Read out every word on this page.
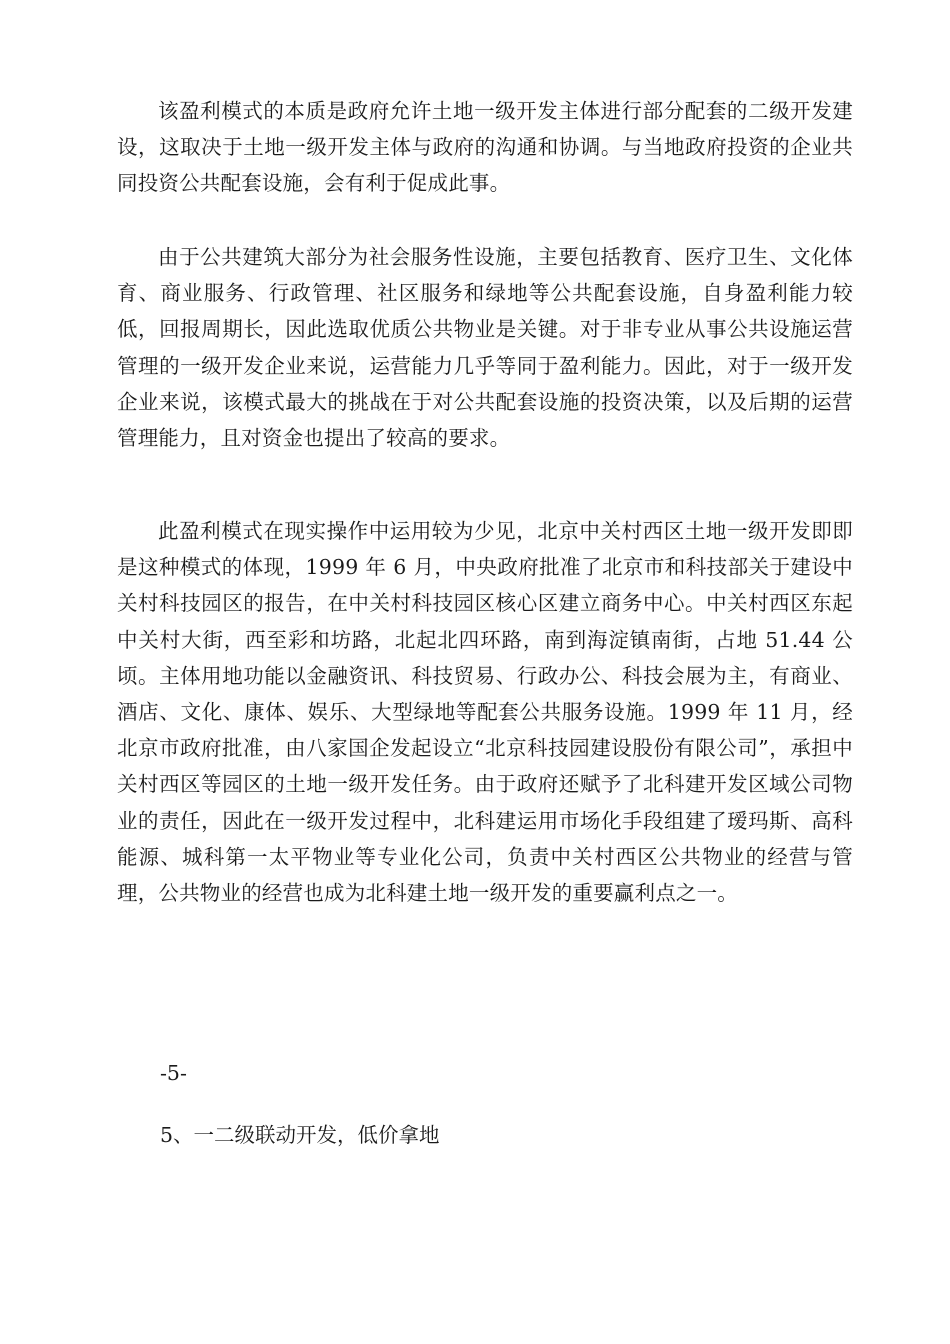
该盈利模式的本质是政府允许土地一级开发主体进行部分配套的二级开发建设，这取决于土地一级开发主体与政府的沟通和协调。与当地政府投资的企业共同投资公共配套设施，会有利于促成此事。

由于公共建筑大部分为社会服务性设施，主要包括教育、医疗卫生、文化体育、商业服务、行政管理、社区服务和绿地等公共配套设施，自身盈利能力较低，回报周期长，因此选取优质公共物业是关键。对于非专业从事公共设施运营管理的一级开发企业来说，运营能力几乎等同于盈利能力。因此，对于一级开发企业来说，该模式最大的挑战在于对公共配套设施的投资决策，以及后期的运营管理能力，且对资金也提出了较高的要求。

此盈利模式在现实操作中运用较为少见，北京中关村西区土地一级开发即即是这种模式的体现，1999 年 6 月，中央政府批准了北京市和科技部关于建设中关村科技园区的报告，在中关村科技园区核心区建立商务中心。中关村西区东起中关村大街，西至彩和坊路，北起北四环路，南到海淀镇南街，占地 51.44 公顷。主体用地功能以金融资讯、科技贸易、行政办公、科技会展为主，有商业、酒店、文化、康体、娱乐、大型绿地等配套公共服务设施。1999 年 11 月，经北京市政府批准，由八家国企发起设立“北京科技园建设股份有限公司”，承担中关村西区等园区的土地一级开发任务。由于政府还赋予了北科建开发区域公司物业的责任，因此在一级开发过程中，北科建运用市场化手段组建了瑷玛斯、高科能源、城科第一太平物业等专业化公司，负责中关村西区公共物业的经营与管理，公共物业的经营也成为北科建土地一级开发的重要赢利点之一。

-5-

5、一二级联动开发，低价拿地
